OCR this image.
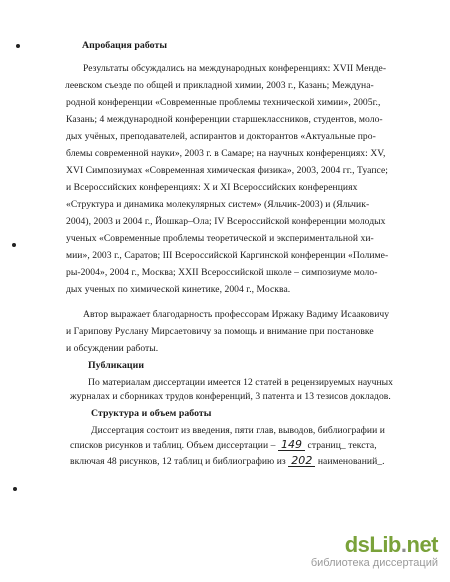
Апробация работы
Результаты обсуждались на международных конференциях: XVII Менде-
леевском съезде по общей и прикладной химии, 2003 г., Казань; Междуна-
родной конференции «Современные проблемы технической химии», 2005г.,
Казань; 4 международной конференции старшеклассников, студентов, моло-
дых учёных, преподавателей, аспирантов и докторантов «Актуальные про-
блемы современной науки», 2003 г. в Самаре; на научных конференциях: XV,
XVI Симпозиумах «Современная химическая физика», 2003, 2004 гг., Туапсе;
и Всероссийских конференциях: X и XI Всероссийских конференциях
«Структура и динамика молекулярных систем» (Яльчик-2003) и (Яльчик-
2004), 2003 и 2004 г., Йошкар–Ола; IV Всероссийской конференции молодых
ученых «Современные проблемы теоретической и экспериментальной хи-
мии», 2003 г., Саратов; III Всероссийской Каргинской конференции «Полиме-
ры-2004», 2004 г., Москва; XXII Всероссийской школе – симпозиуме моло-
дых ученых по химической кинетике, 2004 г., Москва.
Автор выражает благодарность профессорам Иржаку Вадиму Исааковичу
и Гарипову Руслану Мирсаетовичу за помощь и внимание при постановке
и обсуждении работы.
Публикации
По материалам диссертации имеется 12 статей в рецензируемых научных
журналах и сборниках трудов конференций, 3 патента и 13 тезисов докладов.
Структура и объем работы
Диссертация состоит из введения, пяти глав, выводов, библиографии и
списков рисунков и таблиц. Объем диссертации – 149 страниц_ текста,
включая 48 рисунков, 12 таблиц и библиографию из 202 наименований_.
dsLib.net
библиотека диссертаций
